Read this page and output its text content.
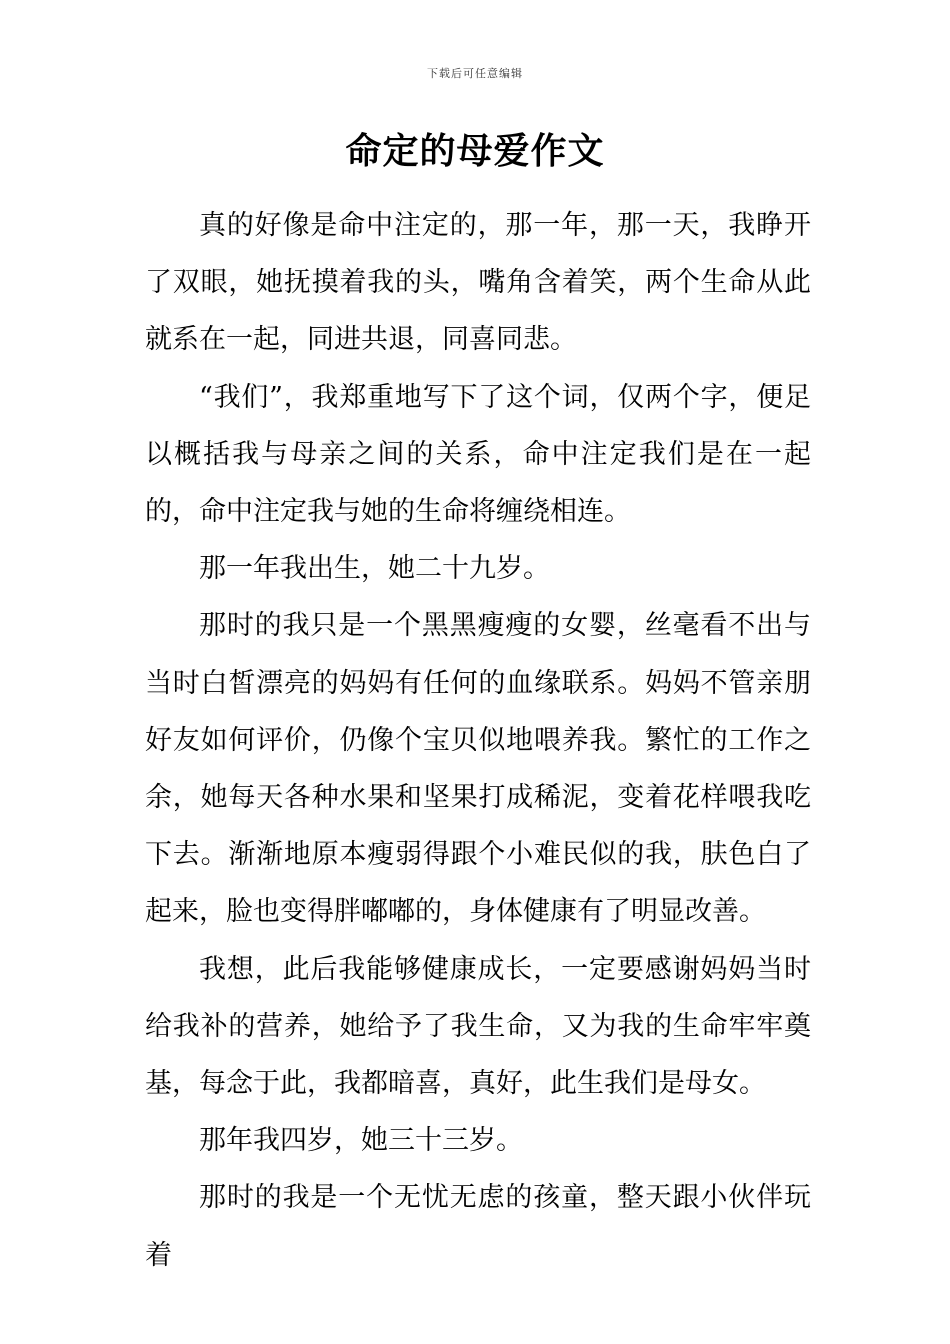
下载后可任意编辑
命定的母爱作文

真的好像是命中注定的，那一年，那一天，我睁开了双眼，她抚摸着我的头，嘴角含着笑，两个生命从此就系在一起，同进共退，同喜同悲。

“我们”，我郑重地写下了这个词，仅两个字，便足以概括我与母亲之间的关系，命中注定我们是在一起的，命中注定我与她的生命将缠绕相连。

那一年我出生，她二十九岁。

那时的我只是一个黑黑瘦瘦的女婴，丝毫看不出与当时白皙漂亮的妈妈有任何的血缘联系。妈妈不管亲朋好友如何评价，仍像个宝贝似地喂养我。繁忙的工作之余，她每天各种水果和坚果打成稀泥，变着花样喂我吃下去。渐渐地原本瘦弱得跟个小难民似的我，肤色白了起来，脸也变得胖嘟嘟的，身体健康有了明显改善。

我想，此后我能够健康成长，一定要感谢妈妈当时给我补的营养，她给予了我生命，又为我的生命牢牢奠基，每念于此，我都暗喜，真好，此生我们是母女。

那年我四岁，她三十三岁。

那时的我是一个无忧无虑的孩童，整天跟小伙伴玩着
